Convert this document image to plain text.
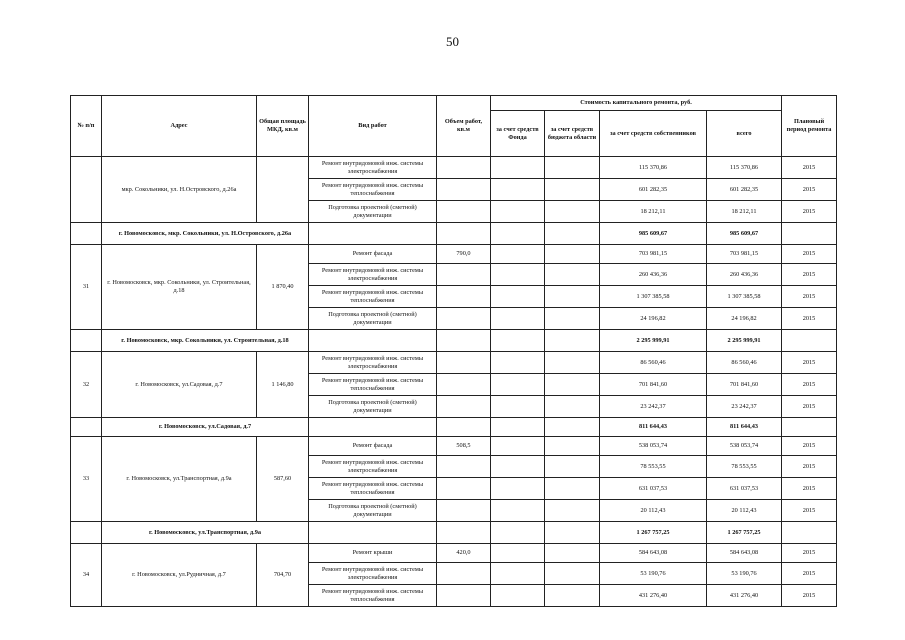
50
№ п/п	Адрес	Общая площадь МКД, кв.м	Вид работ	Объем работ, кв.м	Стоимость капитального ремонта, руб.				Плановый период ремонта
					за счет средств Фонда	за счет средств бюджета области	за счет средств собственников	всего	
	мкр. Сокольники, ул. Н.Островского, д.26а		Ремонт внутридомовой инж. системы электроснабжения				115 370,86	115 370,86	2015
			Ремонт внутридомовой инж. системы теплоснабжения				601 282,35	601 282,35	2015
			Подготовка проектной (сметной) документации				18 212,11	18 212,11	2015
	г. Новомосковск, мкр. Сокольники, ул. Н.Островского, д.26а						985 609,67	985 609,67	
31	г. Новомосковск, мкр. Сокольники, ул. Строительная, д.18	1 870,40	Ремонт фасада	790,0			703 981,15	703 981,15	2015
			Ремонт внутридомовой инж. системы электроснабжения				260 436,36	260 436,36	2015
			Ремонт внутридомовой инж. системы теплоснабжения				1 307 385,58	1 307 385,58	2015
			Подготовка проектной (сметной) документации				24 196,82	24 196,82	2015
	г. Новомосковск, мкр. Сокольники, ул. Строительная, д.18						2 295 999,91	2 295 999,91	
32	г. Новомосковск, ул.Садовая, д.7	1 146,80	Ремонт внутридомовой инж. системы электроснабжения				86 560,46	86 560,46	2015
			Ремонт внутридомовой инж. системы теплоснабжения				701 841,60	701 841,60	2015
			Подготовка проектной (сметной) документации				23 242,37	23 242,37	2015
	г. Новомосковск, ул.Садовая, д.7						811 644,43	811 644,43	
33	г. Новомосковск, ул.Транспортная, д.9а	587,60	Ремонт фасада	508,5			538 053,74	538 053,74	2015
			Ремонт внутридомовой инж. системы электроснабжения				78 553,55	78 553,55	2015
			Ремонт внутридомовой инж. системы теплоснабжения				631 037,53	631 037,53	2015
			Подготовка проектной (сметной) документации				20 112,43	20 112,43	2015
	г. Новомосковск, ул.Транспортная, д.9а						1 267 757,25	1 267 757,25	
34	г. Новомосковск, ул.Рудничная, д.7	704,70	Ремонт крыши	420,0			584 643,08	584 643,08	2015
			Ремонт внутридомовой инж. системы электроснабжения				53 190,76	53 190,76	2015
			Ремонт внутридомовой инж. системы теплоснабжения				431 276,40	431 276,40	2015
